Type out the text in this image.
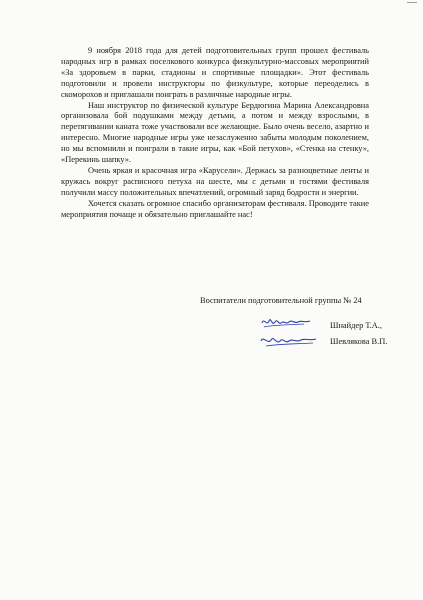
9 ноября 2018 года для детей подготовительных групп прошел фестиваль народных игр в рамках поселкового конкурса физкультурно-массовых мероприятий «За здоровьем в парки, стадионы и спортивные площадки». Этот фестиваль подготовили и провели инструкторы по физкультуре, которые переоделись в скоморохов и приглашали поиграть в различные народные игры.

Наш инструктор по физической культуре Бердюгина Марина Александровна организовала бой подушками между детьми, а потом и между взрослыми, в перетягивании каната тоже участвовали все желающие. Было очень весело, азартно и интересно. Многие народные игры уже незаслуженно забыты молодым поколением, но мы вспомнили и поиграли в такие игры, как «Бой петухов», «Стенка на стенку», «Перекинь шапку».

Очень яркая и красочная игра «Карусели». Держась за разноцветные ленты и кружась вокруг расписного петуха на шесте, мы с детьми и гостями фестиваля получили массу положительных впечатлений, огромный заряд бодрости и энергии.

Хочется сказать огромное спасибо организаторам фестиваля. Проводите такие мероприятия почаще и обязательно приглашайте нас!

Воспитатели подготовительной группы № 24
Шнайдер Т.А.,
Шевлякова В.П.
